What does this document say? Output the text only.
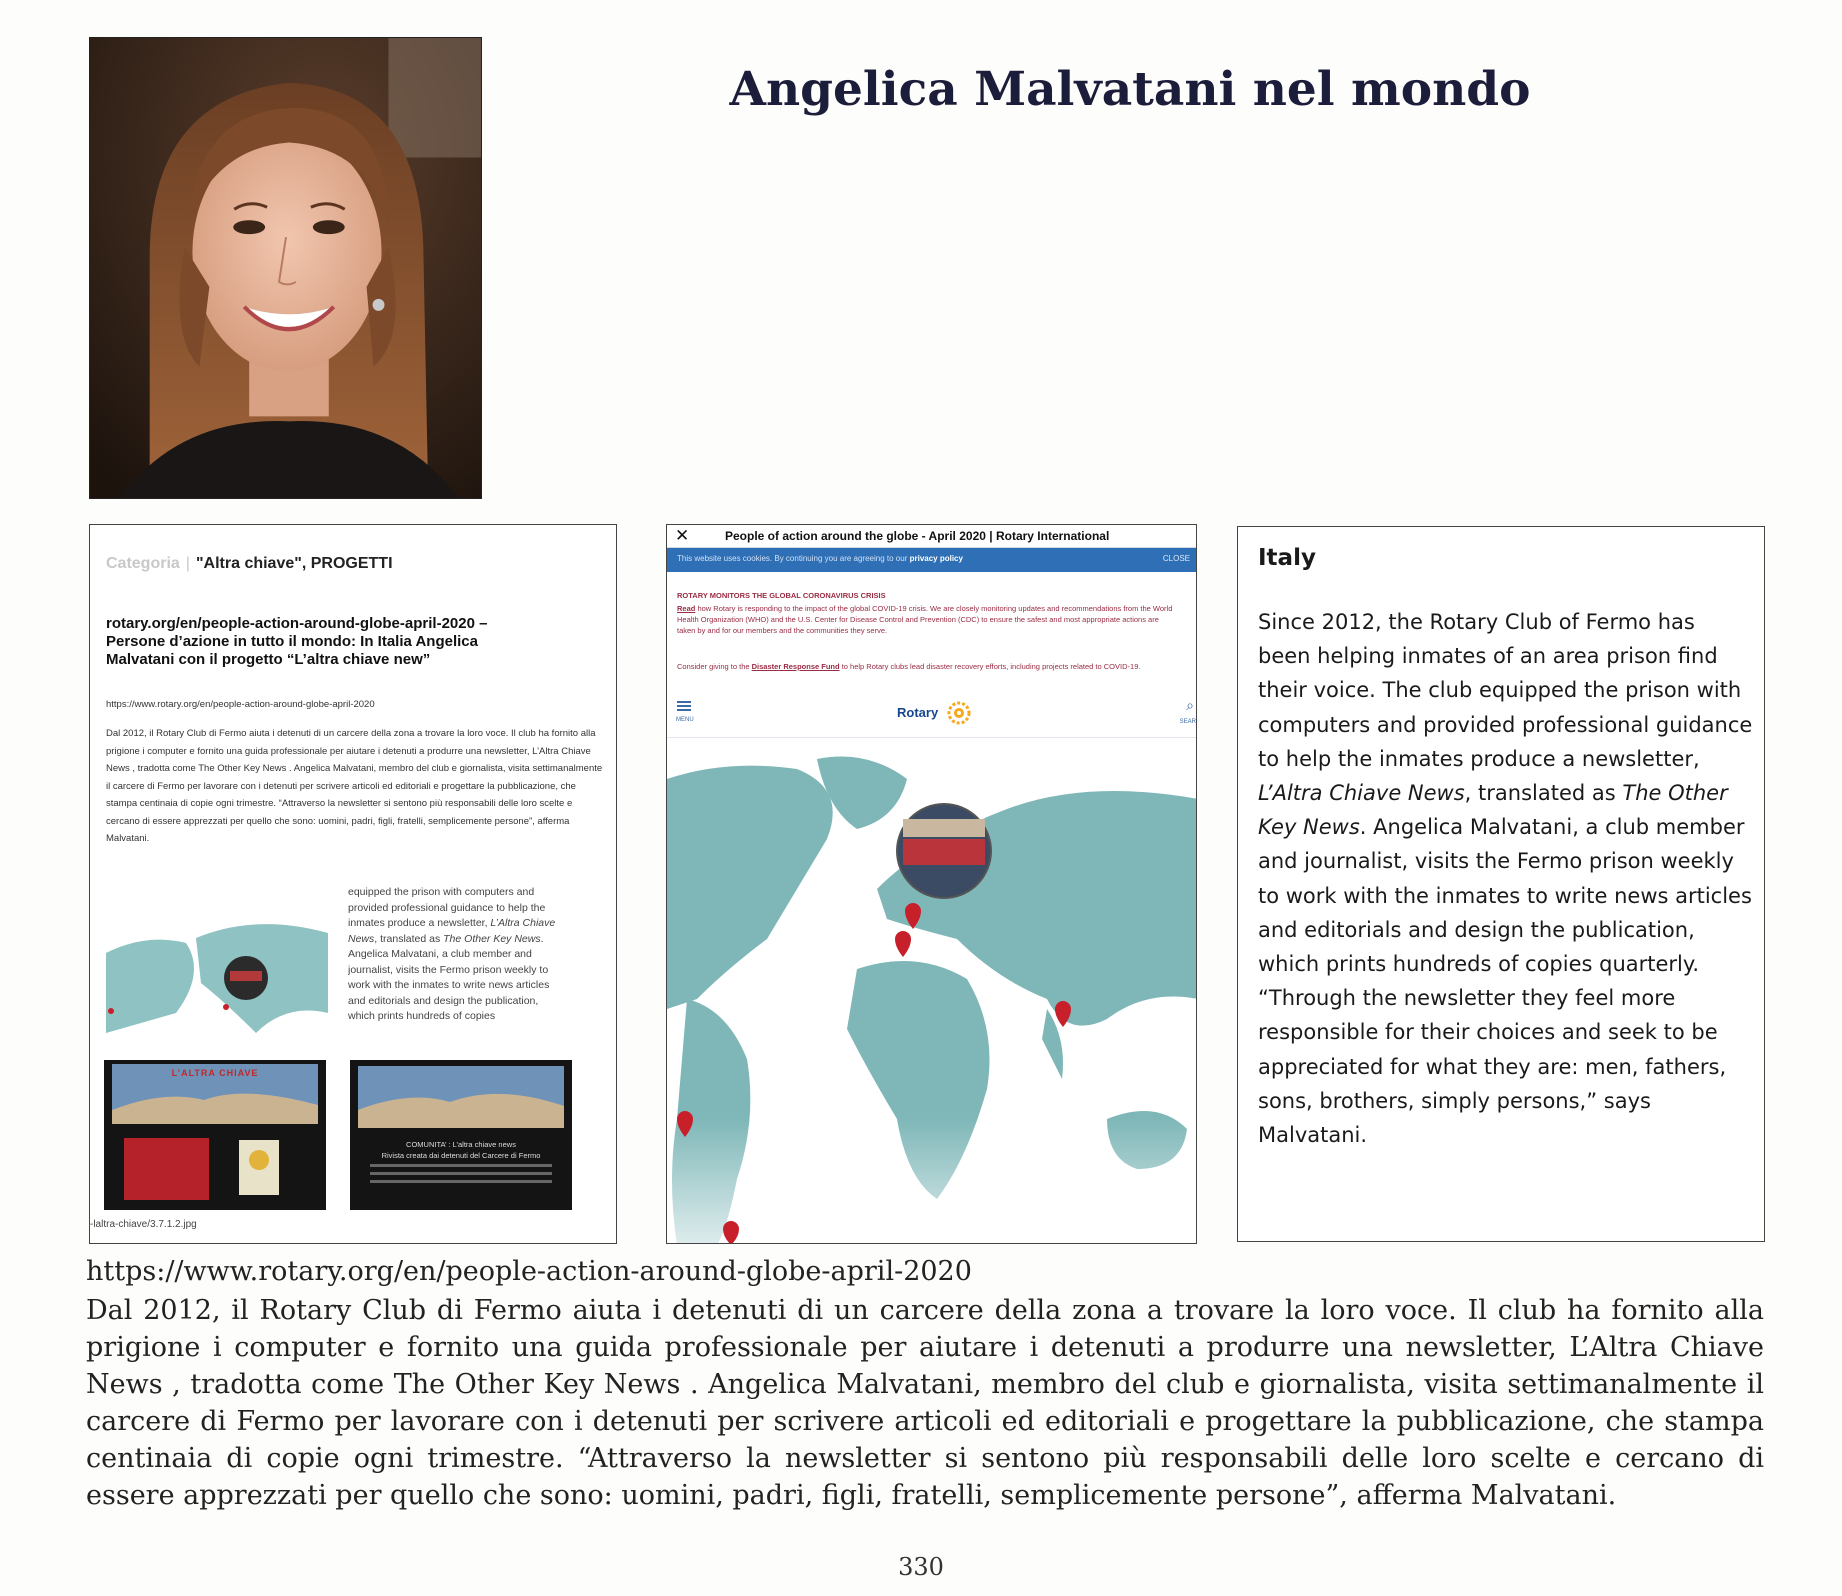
Angelica Malvatani nel mondo
Categoria | "Altra chiave", PROGETTI
rotary.org/en/people-action-around-globe-april-2020 – Persone d’azione in tutto il mondo: In Italia Angelica Malvatani con il progetto “L’altra chiave new”
https://www.rotary.org/en/people-action-around-globe-april-2020
Dal 2012, il Rotary Club di Fermo aiuta i detenuti di un carcere della zona a trovare la loro voce. Il club ha fornito alla prigione i computer e fornito una guida professionale per aiutare i detenuti a produrre una newsletter, L’Altra Chiave News , tradotta come The Other Key News . Angelica Malvatani, membro del club e giornalista, visita settimanalmente il carcere di Fermo per lavorare con i detenuti per scrivere articoli ed editoriali e progettare la pubblicazione, che stampa centinaia di copie ogni trimestre. “Attraverso la newsletter si sentono più responsabili delle loro scelte e cercano di essere apprezzati per quello che sono: uomini, padri, figli, fratelli, semplicemente persone”, afferma Malvatani.
equipped the prison with computers and provided professional guidance to help the inmates produce a newsletter, L’Altra Chiave News, translated as The Other Key News. Angelica Malvatani, a club member and journalist, visits the Fermo prison weekly to work with the inmates to write news articles and editorials and design the publication, which prints hundreds of copies
L’ALTRA CHIAVE
COMUNITA’ : L’altra chiave news
Rivista creata dai detenuti del Carcere di Fermo
-laltra-chiave/3.7.1.2.jpg
✕	People of action around the globe - April 2020 | Rotary International
This website uses cookies. By continuing you are agreeing to our privacy policy	CLOSE
ROTARY MONITORS THE GLOBAL CORONAVIRUS CRISIS
Read how Rotary is responding to the impact of the global COVID-19 crisis. We are closely monitoring updates and recommendations from the World Health Organization (WHO) and the U.S. Center for Disease Control and Prevention (CDC) to ensure the safest and most appropriate actions are taken by and for our members and the communities they serve.
Consider giving to the Disaster Response Fund to help Rotary clubs lead disaster recovery efforts, including projects related to COVID-19.
MENU	Rotary	⌕
SEAR
Italy
Since 2012, the Rotary Club of Fermo has been helping inmates of an area prison find their voice. The club equipped the prison with computers and provided professional guidance to help the inmates produce a newsletter, L’Altra Chiave News, translated as The Other Key News. Angelica Malvatani, a club member and journalist, visits the Fermo prison weekly to work with the inmates to write news articles and editorials and design the publication, which prints hundreds of copies quarterly. “Through the newsletter they feel more responsible for their choices and seek to be appreciated for what they are: men, fathers, sons, brothers, simply persons,” says Malvatani.
https://www.rotary.org/en/people-action-around-globe-april-2020
Dal 2012, il Rotary Club di Fermo aiuta i detenuti di un carcere della zona a trovare la loro voce. Il club ha fornito alla prigione i computer e fornito una guida professionale per aiutare i detenuti a produrre una newsletter, L’Altra Chiave News , tradotta come The Other Key News . Angelica Malvatani, membro del club e giornalista, visita settimanalmente il carcere di Fermo per lavorare con i detenuti per scrivere articoli ed editoriali e progettare la pubblicazione, che stampa centinaia di copie ogni trimestre. “Attraverso la newsletter si sentono più responsabili delle loro scelte e cercano di essere apprezzati per quello che sono: uomini, padri, figli, fratelli, semplicemente persone”, afferma Malvatani.
330
